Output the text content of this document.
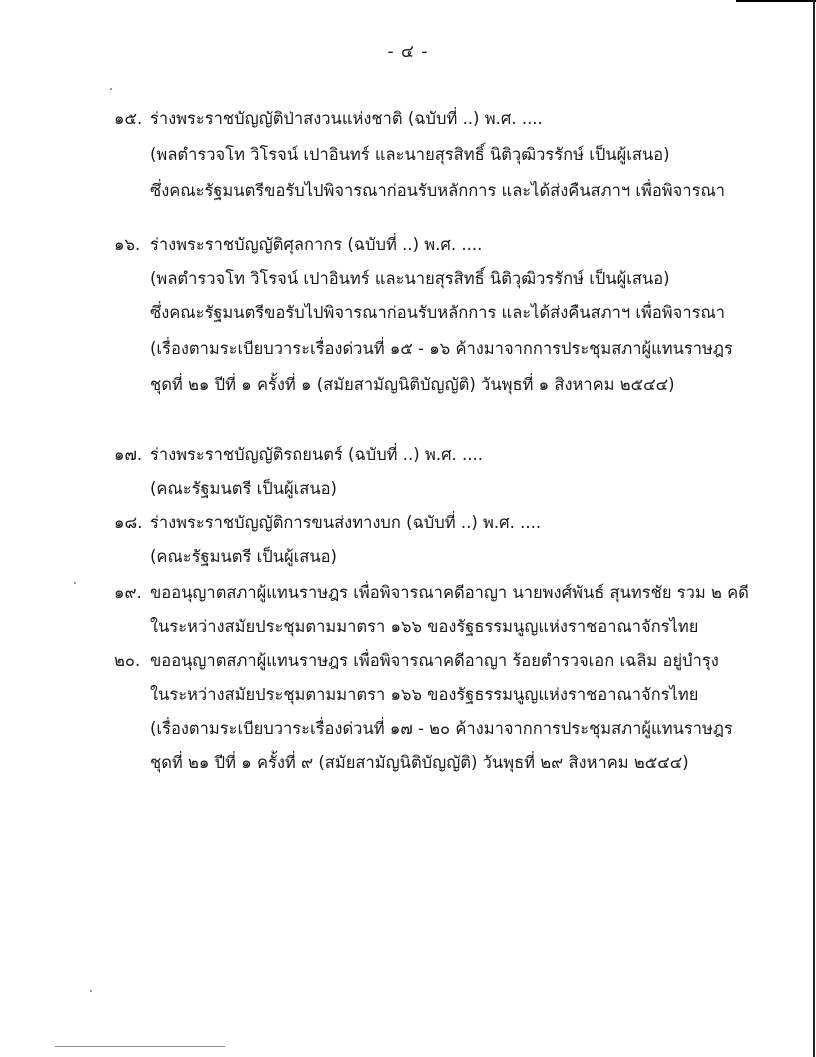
- ๔ -
๑๕. ร่างพระราชบัญญัติป่าสงวนแห่งชาติ (ฉบับที่ ..) พ.ศ. ....
(พลตำรวจโท วิโรจน์ เปาอินทร์ และนายสุรสิทธิ์ นิติวุฒิวรรักษ์ เป็นผู้เสนอ)
ซึ่งคณะรัฐมนตรีขอรับไปพิจารณาก่อนรับหลักการ และได้ส่งคืนสภาฯ เพื่อพิจารณา
๑๖. ร่างพระราชบัญญัติศุลกากร (ฉบับที่ ..) พ.ศ. ....
(พลตำรวจโท วิโรจน์ เปาอินทร์ และนายสุรสิทธิ์ นิติวุฒิวรรักษ์ เป็นผู้เสนอ)
ซึ่งคณะรัฐมนตรีขอรับไปพิจารณาก่อนรับหลักการ และได้ส่งคืนสภาฯ เพื่อพิจารณา
(เรื่องตามระเบียบวาระเรื่องด่วนที่ ๑๕ - ๑๖ ค้างมาจากการประชุมสภาผู้แทนราษฎร
ชุดที่ ๒๑ ปีที่ ๑ ครั้งที่ ๑ (สมัยสามัญนิติบัญญัติ) วันพุธที่ ๑ สิงหาคม ๒๕๔๔)
๑๗. ร่างพระราชบัญญัติรถยนตร์ (ฉบับที่ ..) พ.ศ. ....
(คณะรัฐมนตรี เป็นผู้เสนอ)
๑๘. ร่างพระราชบัญญัติการขนส่งทางบก (ฉบับที่ ..) พ.ศ. ....
(คณะรัฐมนตรี เป็นผู้เสนอ)
๑๙. ขออนุญาตสภาผู้แทนราษฎร เพื่อพิจารณาคดีอาญา นายพงศ์พันธ์ สุนทรชัย รวม ๒ คดี
ในระหว่างสมัยประชุมตามมาตรา ๑๖๖ ของรัฐธรรมนูญแห่งราชอาณาจักรไทย
๒๐. ขออนุญาตสภาผู้แทนราษฎร เพื่อพิจารณาคดีอาญา ร้อยตำรวจเอก เฉลิม อยู่บำรุง
ในระหว่างสมัยประชุมตามมาตรา ๑๖๖ ของรัฐธรรมนูญแห่งราชอาณาจักรไทย
(เรื่องตามระเบียบวาระเรื่องด่วนที่ ๑๗ - ๒๐ ค้างมาจากการประชุมสภาผู้แทนราษฎร
ชุดที่ ๒๑ ปีที่ ๑ ครั้งที่ ๙ (สมัยสามัญนิติบัญญัติ) วันพุธที่ ๒๙ สิงหาคม ๒๕๔๔)
